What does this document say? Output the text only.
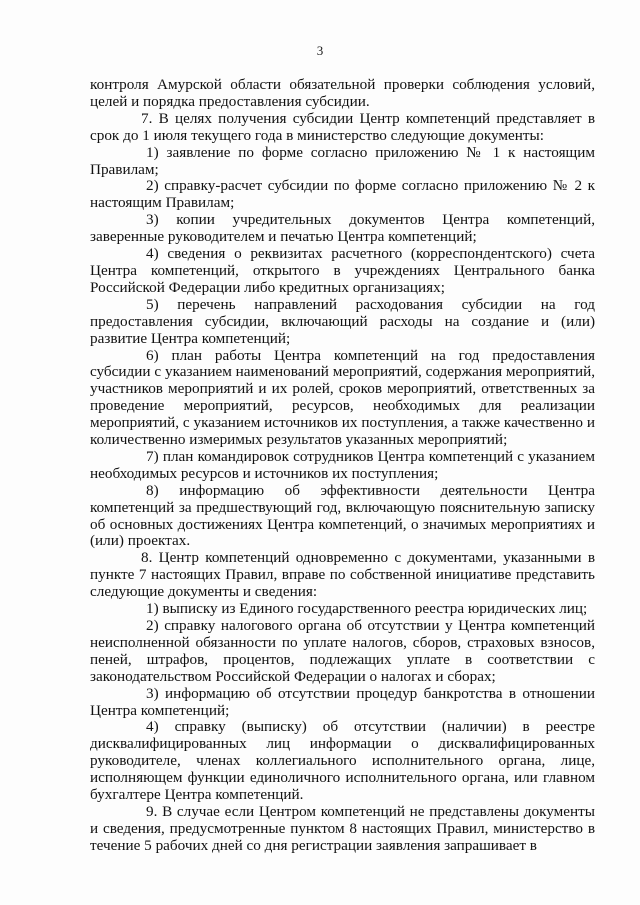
3

контроля Амурской области обязательной проверки соблюдения условий, целей и порядка предоставления субсидии.

7. В целях получения субсидии Центр компетенций представляет в срок до 1 июля текущего года в министерство следующие документы:

1) заявление по форме согласно приложению № 1 к настоящим Правилам;

2) справку-расчет субсидии по форме согласно приложению № 2 к настоящим Правилам;

3) копии учредительных документов Центра компетенций, заверенные руководителем и печатью Центра компетенций;

4) сведения о реквизитах расчетного (корреспондентского) счета Центра компетенций, открытого в учреждениях Центрального банка Российской Федерации либо кредитных организациях;

5) перечень направлений расходования субсидии на год предоставления субсидии, включающий расходы на создание и (или) развитие Центра компетенций;

6) план работы Центра компетенций на год предоставления субсидии с указанием наименований мероприятий, содержания мероприятий, участников мероприятий и их ролей, сроков мероприятий, ответственных за проведение мероприятий, ресурсов, необходимых для реализации мероприятий, с указанием источников их поступления, а также качественно и количественно измеримых результатов указанных мероприятий;

7) план командировок сотрудников Центра компетенций с указанием необходимых ресурсов и источников их поступления;

8) информацию об эффективности деятельности Центра компетенций за предшествующий год, включающую пояснительную записку об основных достижениях Центра компетенций, о значимых мероприятиях и (или) проектах.

8. Центр компетенций одновременно с документами, указанными в пункте 7 настоящих Правил, вправе по собственной инициативе представить следующие документы и сведения:

1) выписку из Единого государственного реестра юридических лиц;

2) справку налогового органа об отсутствии у Центра компетенций неисполненной обязанности по уплате налогов, сборов, страховых взносов, пеней, штрафов, процентов, подлежащих уплате в соответствии с законодательством Российской Федерации о налогах и сборах;

3) информацию об отсутствии процедур банкротства в отношении Центра компетенций;

4) справку (выписку) об отсутствии (наличии) в реестре дисквалифицированных лиц информации о дисквалифицированных руководителе, членах коллегиального исполнительного органа, лице, исполняющем функции единоличного исполнительного органа, или главном бухгалтере Центра компетенций.

9. В случае если Центром компетенций не представлены документы и сведения, предусмотренные пунктом 8 настоящих Правил, министерство в течение 5 рабочих дней со дня регистрации заявления запрашивает в
